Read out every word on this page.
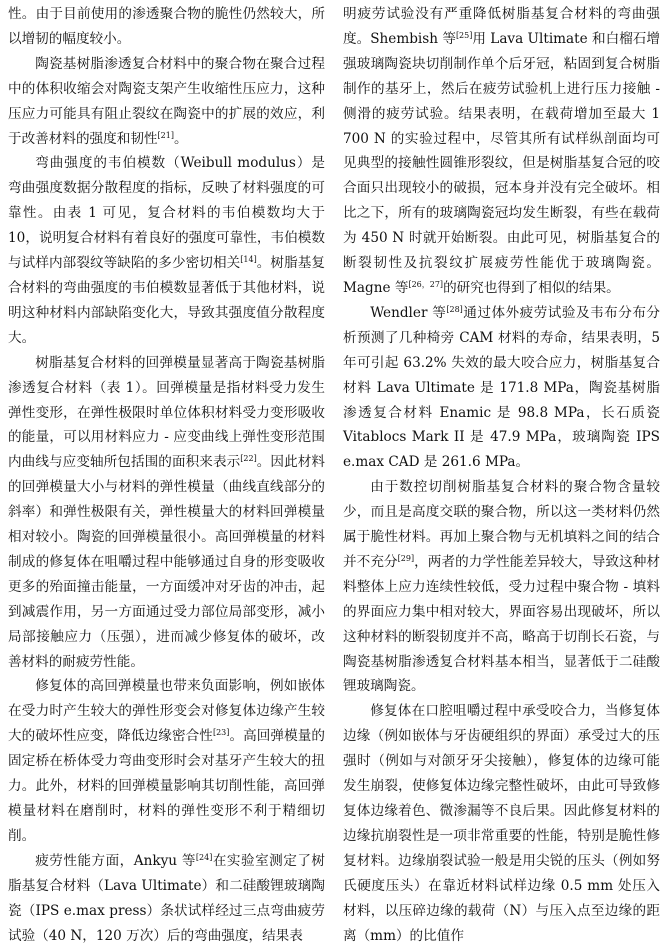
性。由于目前使用的渗透聚合物的脆性仍然较大，所以增韧的幅度较小。

陶瓷基树脂渗透复合材料中的聚合物在聚合过程中的体积收缩会对陶瓷支架产生收缩性压应力，这种压应力可能具有阻止裂纹在陶瓷中的扩展的效应，利于改善材料的强度和韧性[21]。

弯曲强度的韦伯模数（Weibull modulus）是弯曲强度数据分散程度的指标，反映了材料强度的可靠性。由表 1 可见，复合材料的韦伯模数均大于 10，说明复合材料有着良好的强度可靠性，韦伯模数与试样内部裂纹等缺陷的多少密切相关[14]。树脂基复合材料的弯曲强度的韦伯模数显著低于其他材料，说明这种材料内部缺陷变化大，导致其强度值分散程度大。

树脂基复合材料的回弹模量显著高于陶瓷基树脂渗透复合材料（表 1）。回弹模量是指材料受力发生弹性变形，在弹性极限时单位体积材料受力变形吸收的能量，可以用材料应力 - 应变曲线上弹性变形范围内曲线与应变轴所包括围的面积来表示[22]。因此材料的回弹模量大小与材料的弹性模量（曲线直线部分的斜率）和弹性极限有关，弹性模量大的材料回弹模量相对较小。陶瓷的回弹模量很小。高回弹模量的材料制成的修复体在咀嚼过程中能够通过自身的形变吸收更多的殆面撞击能量，一方面缓冲对牙齿的冲击，起到减震作用，另一方面通过受力部位局部变形，减小局部接触应力（压强），进而减少修复体的破坏，改善材料的耐疲劳性能。

修复体的高回弹模量也带来负面影响，例如嵌体在受力时产生较大的弹性形变会对修复体边缘产生较大的破坏性应变，降低边缘密合性[23]。高回弹模量的固定桥在桥体受力弯曲变形时会对基牙产生较大的扭力。此外，材料的回弹模量影响其切削性能，高回弹模量材料在磨削时，材料的弹性变形不利于精细切削。

疲劳性能方面，Ankyu 等[24]在实验室测定了树脂基复合材料（Lava Ultimate）和二硅酸锂玻璃陶瓷（IPS e.max press）条状试样经过三点弯曲疲劳试验（40 N，120 万次）后的弯曲强度，结果表

明疲劳试验没有严重降低树脂基复合材料的弯曲强度。Shembish 等[25]用 Lava Ultimate 和白榴石增强玻璃陶瓷块切削制作单个后牙冠，粘固到复合树脂制作的基牙上，然后在疲劳试验机上进行压力接触 - 侧滑的疲劳试验。结果表明，在载荷增加至最大 1 700 N 的实验过程中，尽管其所有试样纵剖面均可见典型的接触性圆锥形裂纹，但是树脂基复合冠的咬合面只出现较小的破损，冠本身并没有完全破坏。相比之下，所有的玻璃陶瓷冠均发生断裂，有些在载荷为 450 N 时就开始断裂。由此可见，树脂基复合的断裂韧性及抗裂纹扩展疲劳性能优于玻璃陶瓷。Magne 等[26，27]的研究也得到了相似的结果。

Wendler 等[28]通过体外疲劳试验及韦布分布分析预测了几种椅旁 CAM 材料的寿命，结果表明，5 年可引起 63.2% 失效的最大咬合应力，树脂基复合材料 Lava Ultimate 是 171.8 MPa，陶瓷基树脂渗透复合材料 Enamic 是 98.8 MPa，长石质瓷 Vitablocs Mark II 是 47.9 MPa，玻璃陶瓷 IPS e.max CAD 是 261.6 MPa。

由于数控切削树脂基复合材料的聚合物含量较少，而且是高度交联的聚合物，所以这一类材料仍然属于脆性材料。再加上聚合物与无机填料之间的结合并不充分[29]，两者的力学性能差异较大，导致这种材料整体上应力连续性较低，受力过程中聚合物 - 填料的界面应力集中相对较大，界面容易出现破坏，所以这种材料的断裂韧度并不高，略高于切削长石瓷，与陶瓷基树脂渗透复合材料基本相当，显著低于二硅酸锂玻璃陶瓷。

修复体在口腔咀嚼过程中承受咬合力，当修复体边缘（例如嵌体与牙齿硬组织的界面）承受过大的压强时（例如与对颌牙牙尖接触），修复体的边缘可能发生崩裂，使修复体边缘完整性破坏，由此可导致修复体边缘着色、微渗漏等不良后果。因此修复材料的边缘抗崩裂性是一项非常重要的性能，特别是脆性修复材料。边缘崩裂试验一般是用尖锐的压头（例如努氏硬度压头）在靠近材料试样边缘 0.5 mm 处压入材料，以压碎边缘的载荷（N）与压入点至边缘的距离（mm）的比值作
